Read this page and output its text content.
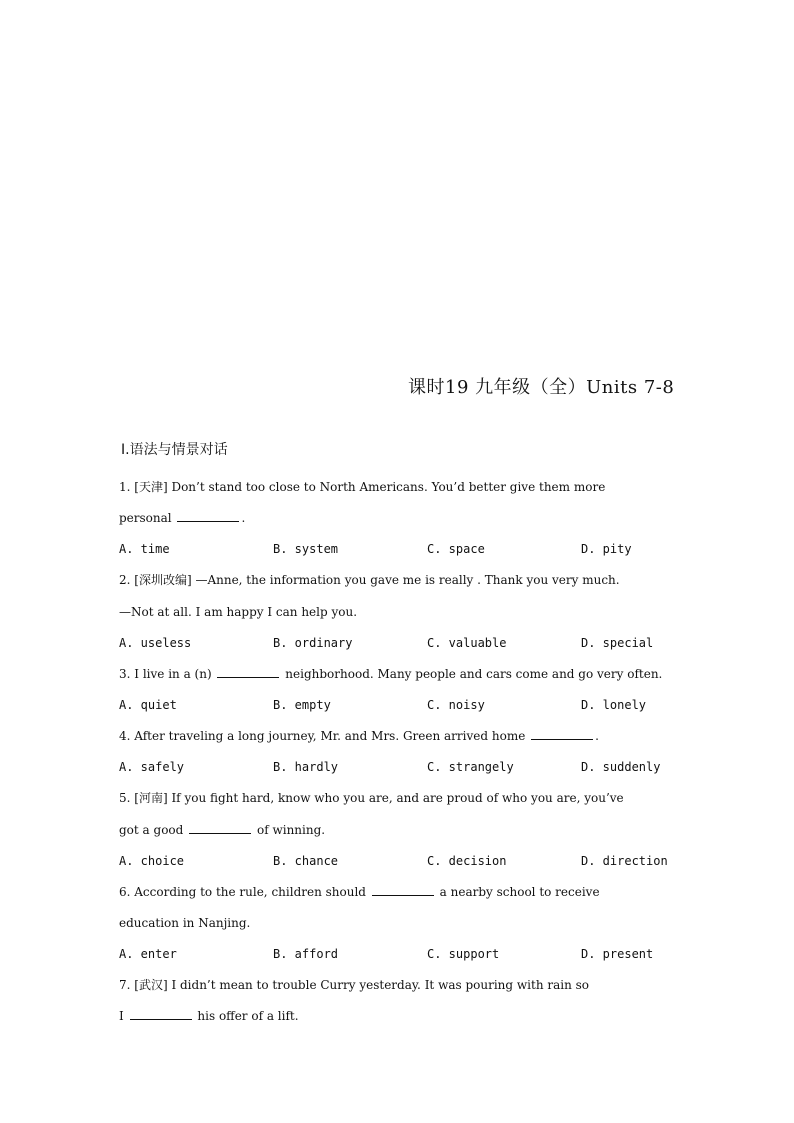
课时19 九年级（全）Units 7-8
Ⅰ.语法与情景对话
1. [天津] Don’t stand too close to North Americans. You’d better give them more
personal	.
A. time	B. system	C. space	D. pity
2. [深圳改编] —Anne, the information you gave me is really . Thank you very much.
—Not at all. I am happy I can help you.
A. useless	B. ordinary	C. valuable	D. special
3. I live in a (n)	neighborhood. Many people and cars come and go very often.
A. quiet	B. empty	C. noisy	D. lonely
4. After traveling a long journey, Mr. and Mrs. Green arrived home	.
A. safely	B. hardly	C. strangely	D. suddenly
5. [河南] If you fight hard, know who you are, and are proud of who you are, you’ve
got a good	of winning.
A. choice	B. chance	C. decision	D. direction
6. According to the rule, children should	a nearby school to receive
education in Nanjing.
A. enter	B. afford	C. support	D. present
7. [武汉] I didn’t mean to trouble Curry yesterday. It was pouring with rain so
I	his offer of a lift.
